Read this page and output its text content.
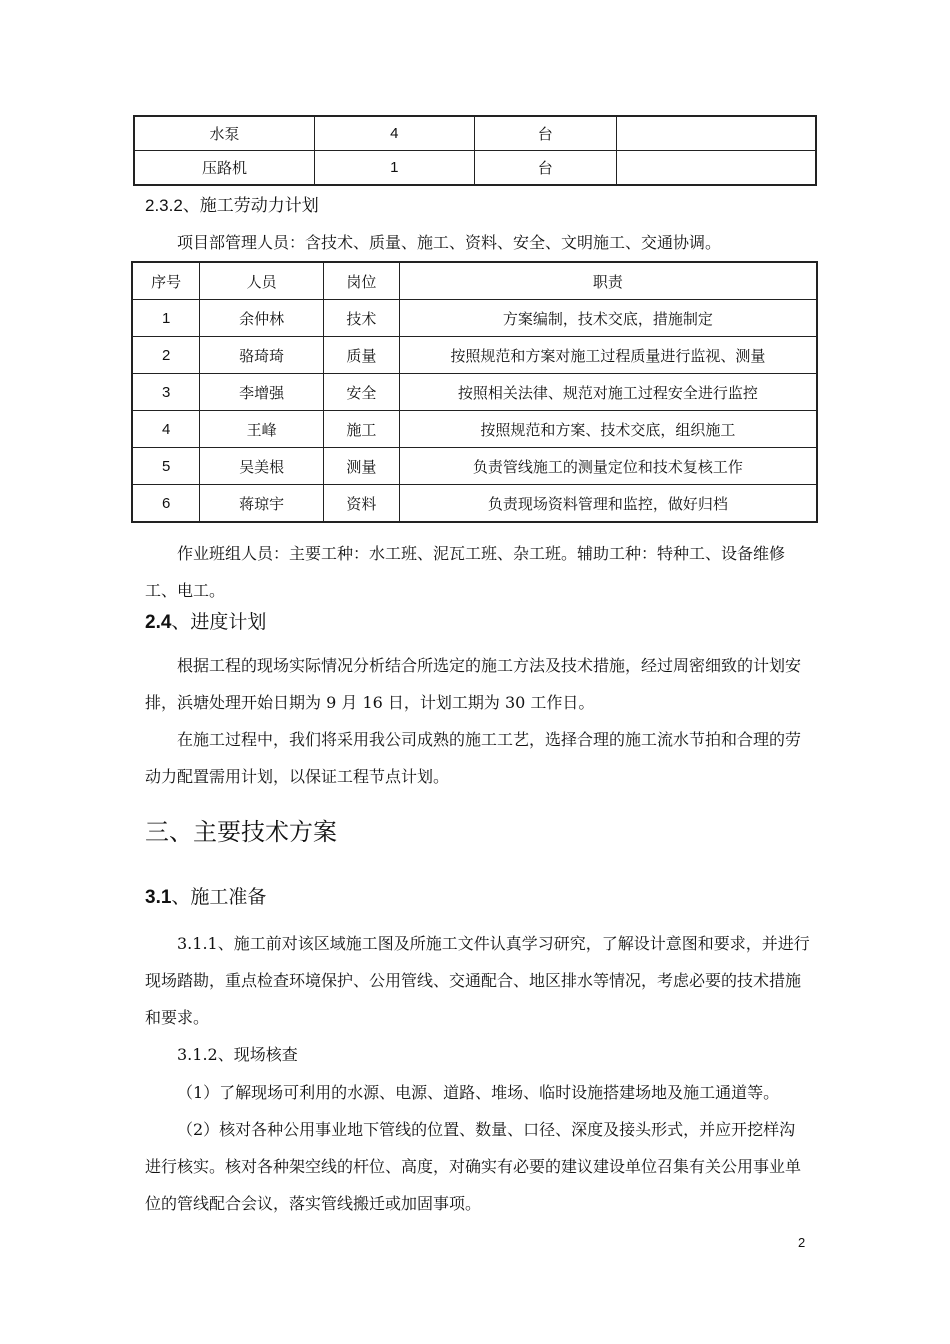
水泵	4	台	
压路机	1	台	

2.3.2、施工劳动力计划

项目部管理人员：含技术、质量、施工、资料、安全、文明施工、交通协调。

序号	人员	岗位	职责
1	余仲林	技术	方案编制，技术交底，措施制定
2	骆琦琦	质量	按照规范和方案对施工过程质量进行监视、测量
3	李增强	安全	按照相关法律、规范对施工过程安全进行监控
4	王峰	施工	按照规范和方案、技术交底，组织施工
5	吴美根	测量	负责管线施工的测量定位和技术复核工作
6	蒋琼宇	资料	负责现场资料管理和监控，做好归档

作业班组人员：主要工种：水工班、泥瓦工班、杂工班。辅助工种：特种工、设备维修工、电工。

2.4、进度计划

根据工程的现场实际情况分析结合所选定的施工方法及技术措施，经过周密细致的计划安排，浜塘处理开始日期为 9 月 16 日，计划工期为 30 工作日。

在施工过程中，我们将采用我公司成熟的施工工艺，选择合理的施工流水节拍和合理的劳动力配置需用计划，以保证工程节点计划。

三、主要技术方案

3.1、施工准备

3.1.1、施工前对该区域施工图及所施工文件认真学习研究，了解设计意图和要求，并进行现场踏勘，重点检查环境保护、公用管线、交通配合、地区排水等情况，考虑必要的技术措施和要求。

3.1.2、现场核查

（1）了解现场可利用的水源、电源、道路、堆场、临时设施搭建场地及施工通道等。

（2）核对各种公用事业地下管线的位置、数量、口径、深度及接头形式，并应开挖样沟进行核实。核对各种架空线的杆位、高度，对确实有必要的建议建设单位召集有关公用事业单位的管线配合会议，落实管线搬迁或加固事项。

2
